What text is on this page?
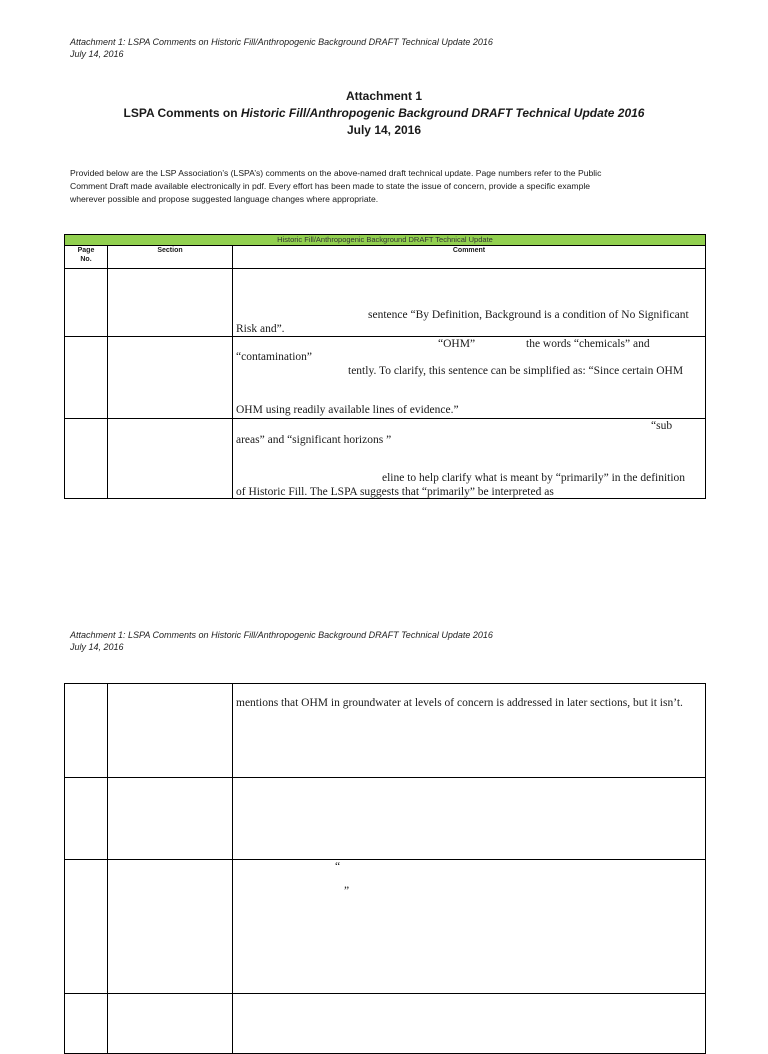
Attachment 1: LSPA Comments on Historic Fill/Anthropogenic Background DRAFT Technical Update 2016
July 14, 2016
Attachment 1
LSPA Comments on Historic Fill/Anthropogenic Background DRAFT Technical Update 2016
July 14, 2016
Provided below are the LSP Association’s (LSPA’s) comments on the above-named draft technical update. Page numbers refer to the Public
Comment Draft made available electronically in pdf. Every effort has been made to state the issue of concern, provide a specific example
wherever possible and propose suggested language changes where appropriate.
Historic Fill/Anthropogenic Background DRAFT Technical Update		

Page
No.	Section	Comment

		sentence “By Definition, Background is a condition of No Significant
Risk and”.

		“OHM” the words “chemicals” and
“contamination”
tently. To clarify, this sentence can be simplified as: “Since certain OHM
OHM using readily available lines of evidence.”

		“sub
areas” and “significant horizons ”
eline to help clarify what is meant by “primarily” in the definition
of Historic Fill. The LSPA suggests that “primarily” be interpreted as
Attachment 1: LSPA Comments on Historic Fill/Anthropogenic Background DRAFT Technical Update 2016
July 14, 2016

		mentions that OHM in groundwater at levels of concern is addressed in later sections, but it isn’t.

		“
”
